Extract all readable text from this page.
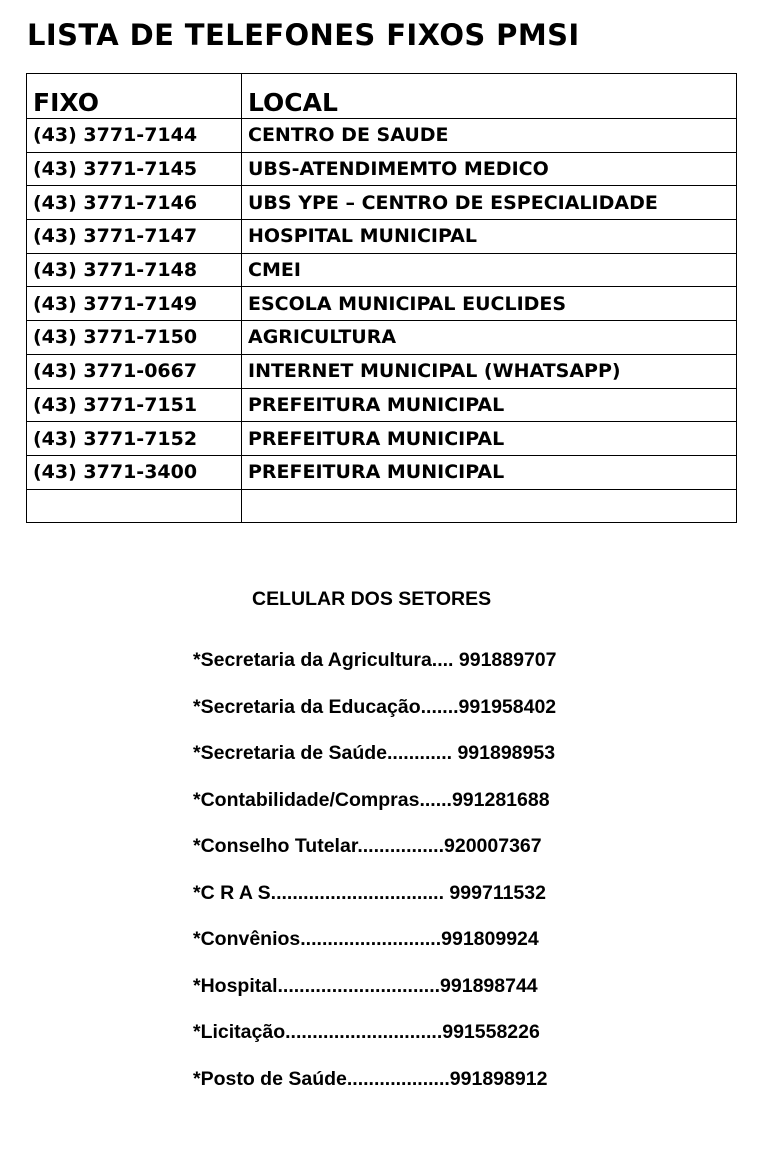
LISTA DE TELEFONES FIXOS PMSI
FIXO	LOCAL
(43) 3771-7144	CENTRO DE SAUDE
(43) 3771-7145	UBS-ATENDIMEMTO MEDICO
(43) 3771-7146	UBS YPE – CENTRO DE ESPECIALIDADE
(43) 3771-7147	HOSPITAL MUNICIPAL
(43) 3771-7148	CMEI
(43) 3771-7149	ESCOLA MUNICIPAL EUCLIDES
(43) 3771-7150	AGRICULTURA
(43) 3771-0667	INTERNET MUNICIPAL (WHATSAPP)
(43) 3771-7151	PREFEITURA MUNICIPAL
(43) 3771-7152	PREFEITURA MUNICIPAL
(43) 3771-3400	PREFEITURA MUNICIPAL

CELULAR DOS SETORES
*Secretaria da Agricultura.... 991889707
*Secretaria da Educação.......991958402
*Secretaria de Saúde............ 991898953
*Contabilidade/Compras......991281688
*Conselho Tutelar................920007367
*C R A S................................ 999711532
*Convênios..........................991809924
*Hospital..............................991898744
*Licitação.............................991558226
*Posto de Saúde...................991898912
